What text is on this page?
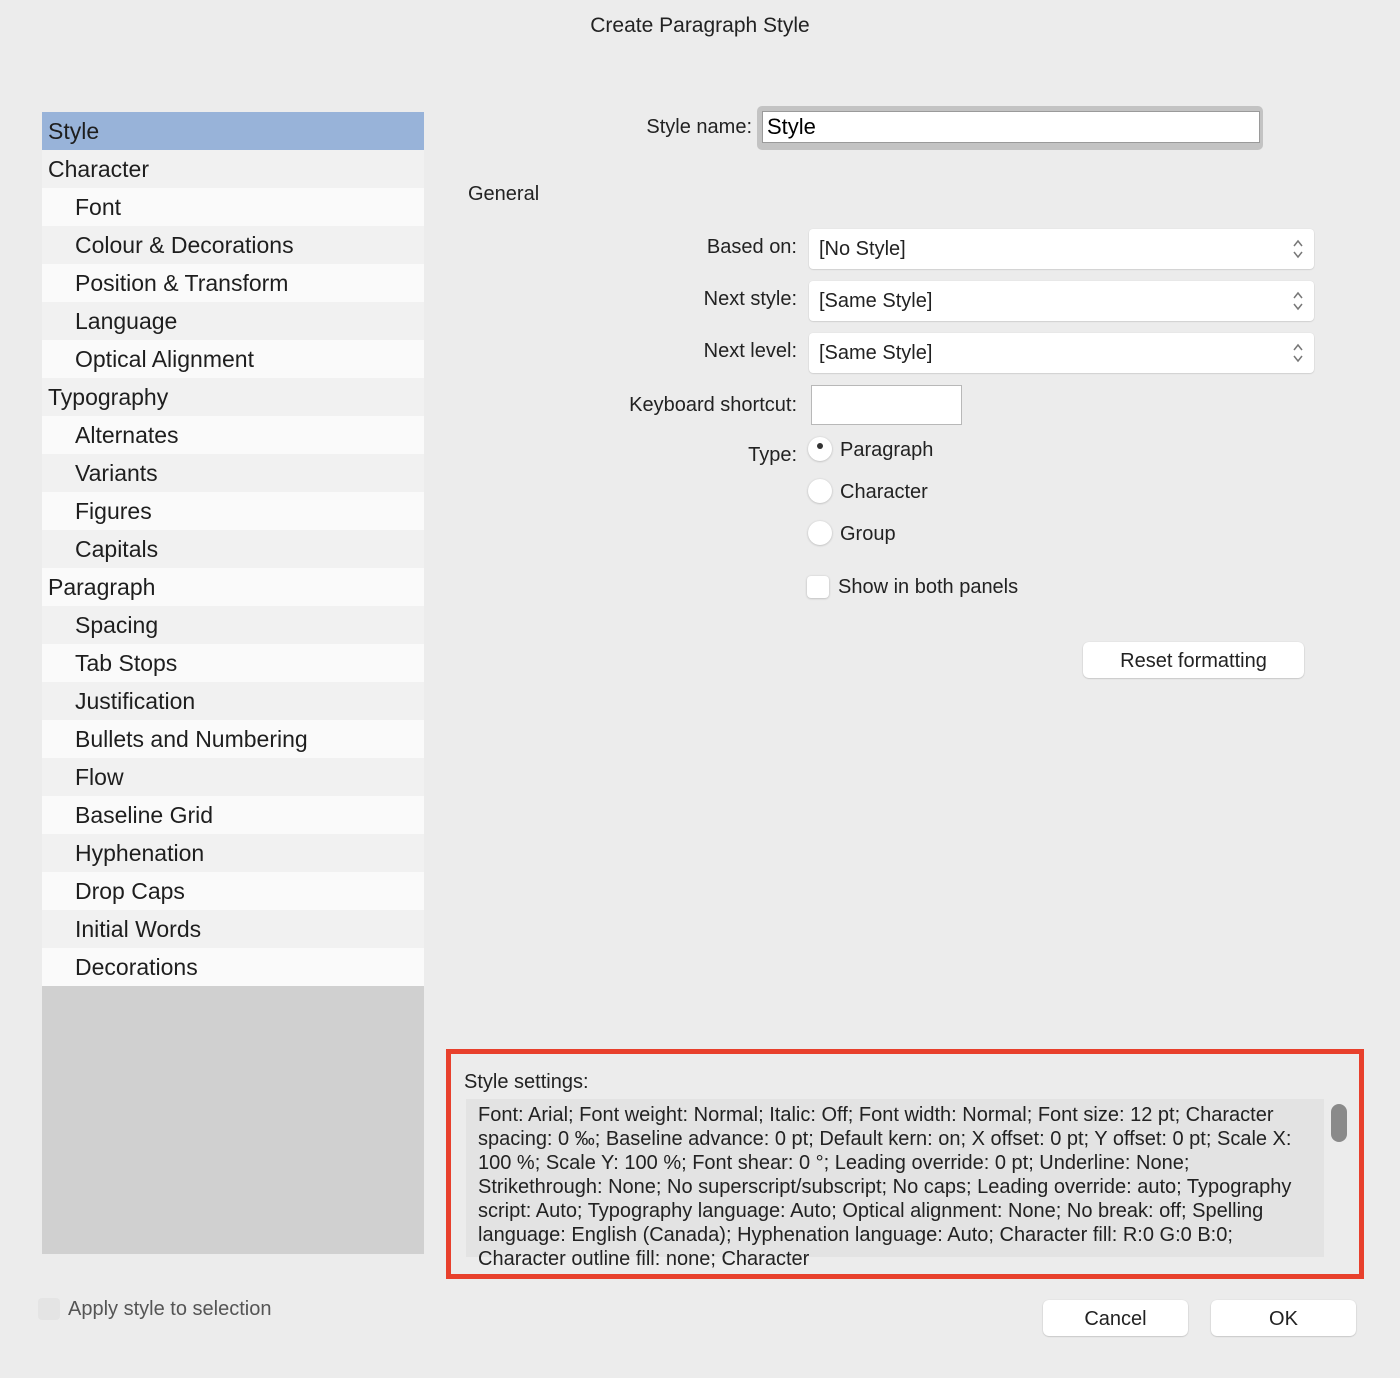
Create Paragraph Style
Style
Character
Font
Colour & Decorations
Position & Transform
Language
Optical Alignment
Typography
Alternates
Variants
Figures
Capitals
Paragraph
Spacing
Tab Stops
Justification
Bullets and Numbering
Flow
Baseline Grid
Hyphenation
Drop Caps
Initial Words
Decorations
Style name:
Style
General
Based on:	[No Style]
Next style:	[Same Style]
Next level:	[Same Style]
Keyboard shortcut:
Type: Paragraph
Character
Group
Show in both panels
Reset formatting
Style settings:
Font: Arial; Font weight: Normal; Italic: Off; Font width: Normal; Font size: 12 pt; Character spacing: 0 ‰; Baseline advance: 0 pt; Default kern: on; X offset: 0 pt; Y offset: 0 pt; Scale X: 100 %; Scale Y: 100 %; Font shear: 0 °; Leading override: 0 pt; Underline: None; Strikethrough: None; No superscript/subscript; No caps; Leading override: auto; Typography script: Auto; Typography language: Auto; Optical alignment: None; No break: off; Spelling language: English (Canada); Hyphenation language: Auto; Character fill: R:0 G:0 B:0; Character outline fill: none; Character
Apply style to selection	Cancel	OK
